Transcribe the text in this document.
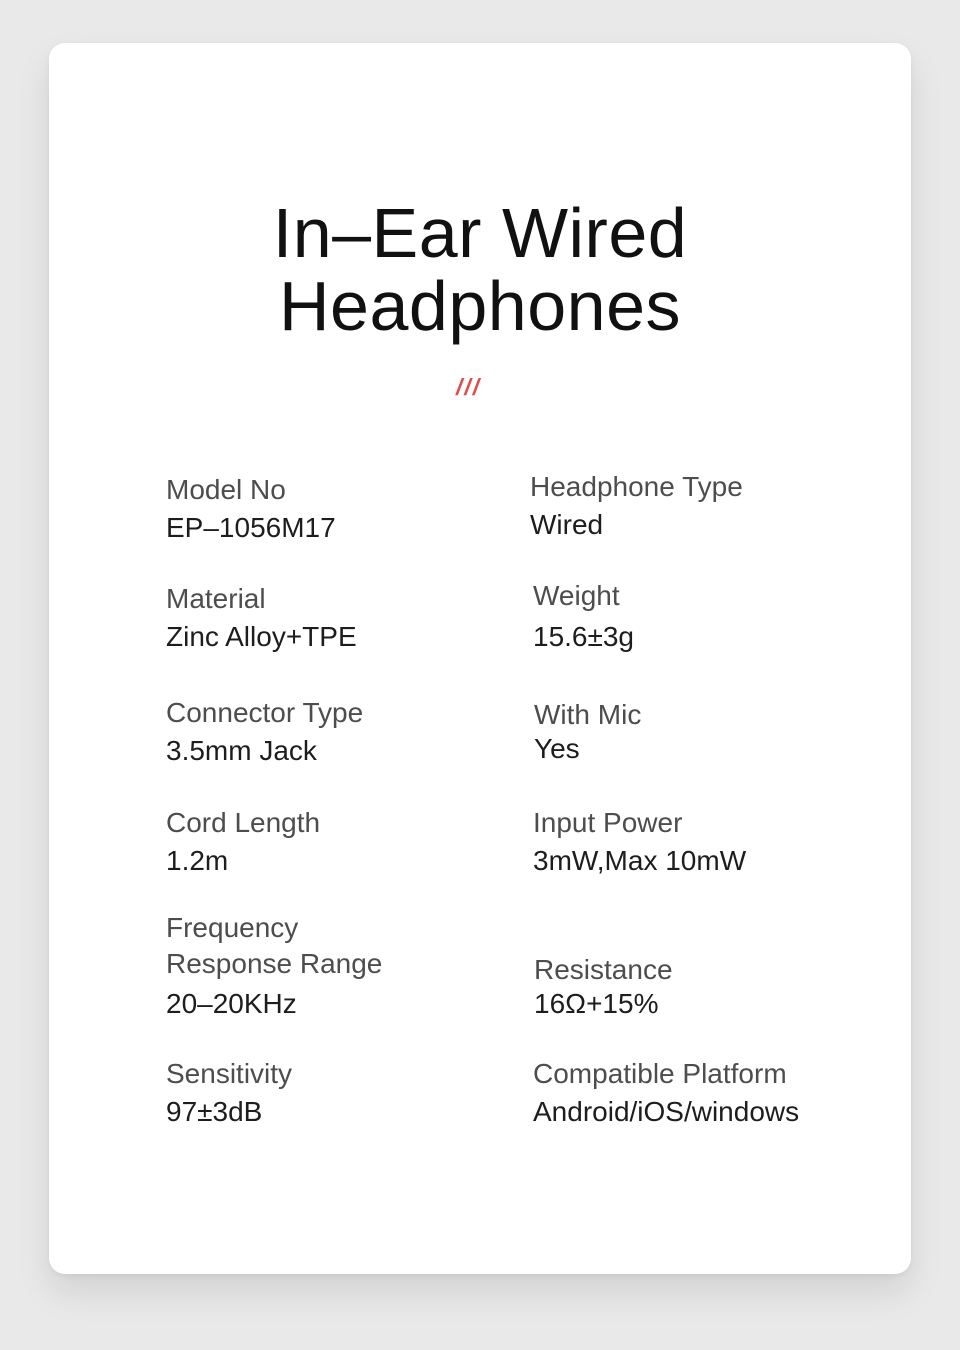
In–Ear Wired
Headphones
///
Model No
EP–1056M17
Headphone Type
Wired
Material
Zinc Alloy+TPE
Weight
15.6±3g
Connector Type
3.5mm Jack
With Mic
Yes
Cord Length
1.2m
Input Power
3mW,Max 10mW
Frequency
Response Range
20–20KHz
Resistance
16Ω+15%
Sensitivity
97±3dB
Compatible Platform
Android/iOS/windows
